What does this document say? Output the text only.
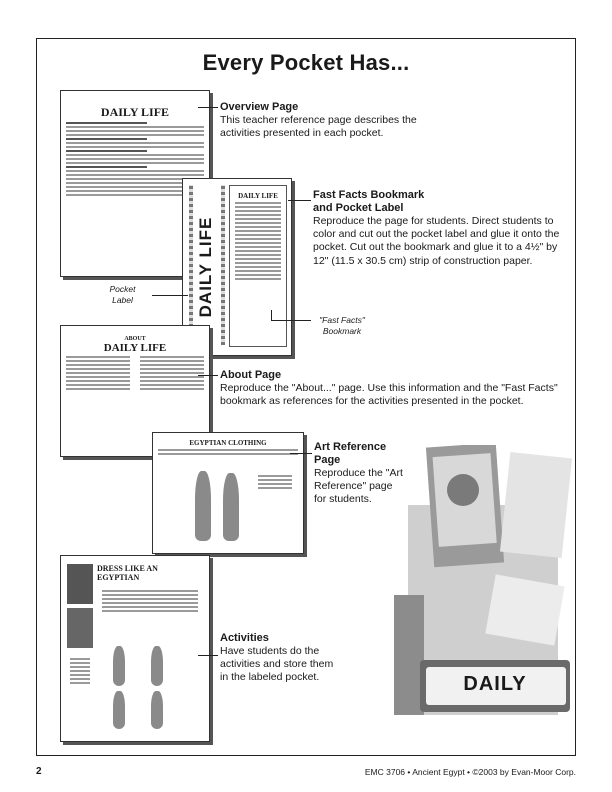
Every Pocket Has...
DAILY LIFE
DAILY LIFE
DAILY LIFE
ABOUT
DAILY LIFE
EGYPTIAN CLOTHING
DRESS LIKE AN EGYPTIAN
DAILY
Overview Page
This teacher reference page describes the activities presented in each pocket.
Fast Facts Bookmark and Pocket Label
Reproduce the page for students. Direct students to color and cut out the pocket label and glue it onto the pocket. Cut out the bookmark and glue it to a 4½" by 12" (11.5 x 30.5 cm) strip of construction paper.
Pocket Label
"Fast Facts" Bookmark
About Page
Reproduce the "About..." page. Use this information and the "Fast Facts" bookmark as references for the activities presented in the pocket.
Art Reference Page
Reproduce the "Art Reference" page for students.
Activities
Have students do the activities and store them in the labeled pocket.
2	EMC 3706 • Ancient Egypt • ©2003 by Evan-Moor Corp.
